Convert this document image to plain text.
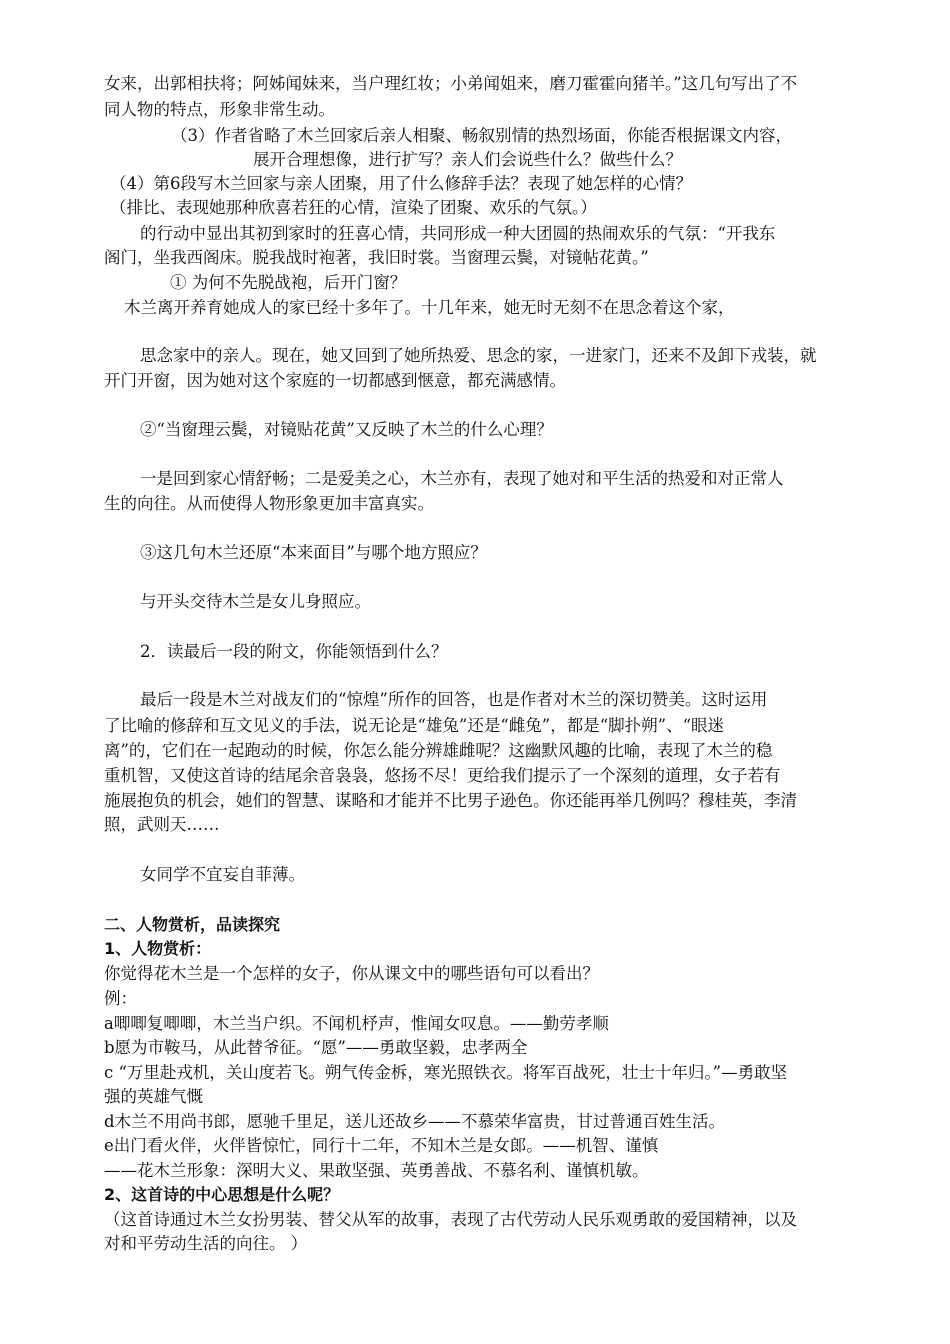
女来，出郭相扶将；阿姊闻妹来，当户理红妆；小弟闻姐来，磨刀霍霍向猪羊。”这几句写出了不
同人物的特点，形象非常生动。
（3）作者省略了木兰回家后亲人相聚、畅叙别情的热烈场面，你能否根据课文内容，
展开合理想像，进行扩写？亲人们会说些什么？做些什么？
（4）第6段写木兰回家与亲人团聚，用了什么修辞手法？表现了她怎样的心情？
（排比、表现她那种欣喜若狂的心情，渲染了团聚、欢乐的气氛。）
的行动中显出其初到家时的狂喜心情，共同形成一种大团圆的热闹欢乐的气氛：“开我东
阁门，坐我西阁床。脱我战时袍著，我旧时裳。当窗理云鬓，对镜帖花黄。”
① 为何不先脱战袍，后开门窗？
木兰离开养育她成人的家已经十多年了。十几年来，她无时无刻不在思念着这个家，
思念家中的亲人。现在，她又回到了她所热爱、思念的家，一进家门，还来不及卸下戎装，就
开门开窗，因为她对这个家庭的一切都感到惬意，都充满感情。
②“当窗理云鬓，对镜贴花黄”又反映了木兰的什么心理？
一是回到家心情舒畅；二是爱美之心，木兰亦有，表现了她对和平生活的热爱和对正常人
生的向往。从而使得人物形象更加丰富真实。
③这几句木兰还原“本来面目”与哪个地方照应？
与开头交待木兰是女儿身照应。
2．读最后一段的附文，你能领悟到什么？
最后一段是木兰对战友们的“惊煌”所作的回答，也是作者对木兰的深切赞美。这时运用
了比喻的修辞和互文见义的手法，说无论是“雄兔”还是“雌兔”，都是“脚扑朔”、“眼迷
离”的，它们在一起跑动的时候，你怎么能分辨雄雌呢？这幽默风趣的比喻，表现了木兰的稳
重机智，又使这首诗的结尾余音袅袅，悠扬不尽！更给我们提示了一个深刻的道理，女子若有
施展抱负的机会，她们的智慧、谋略和才能并不比男子逊色。你还能再举几例吗？穆桂英，李清
照，武则天……
女同学不宜妄自菲薄。
二、人物赏析，品读探究
1、人物赏析：
你觉得花木兰是一个怎样的女子，你从课文中的哪些语句可以看出？
例：
a唧唧复唧唧，木兰当户织。不闻机杼声，惟闻女叹息。——勤劳孝顺
b愿为市鞍马，从此替爷征。“愿”——勇敢坚毅，忠孝两全
c “万里赴戎机，关山度若飞。朔气传金柝，寒光照铁衣。将军百战死，壮士十年归。”—勇敢坚
强的英雄气慨
d木兰不用尚书郎，愿驰千里足，送儿还故乡——不慕荣华富贵，甘过普通百姓生活。
e出门看火伴，火伴皆惊忙，同行十二年，不知木兰是女郎。——机智、谨慎
——花木兰形象：深明大义、果敢坚强、英勇善战、不慕名利、谨慎机敏。
2、这首诗的中心思想是什么呢？
（这首诗通过木兰女扮男装、替父从军的故事，表现了古代劳动人民乐观勇敢的爱国精神，以及
对和平劳动生活的向往。 ）
